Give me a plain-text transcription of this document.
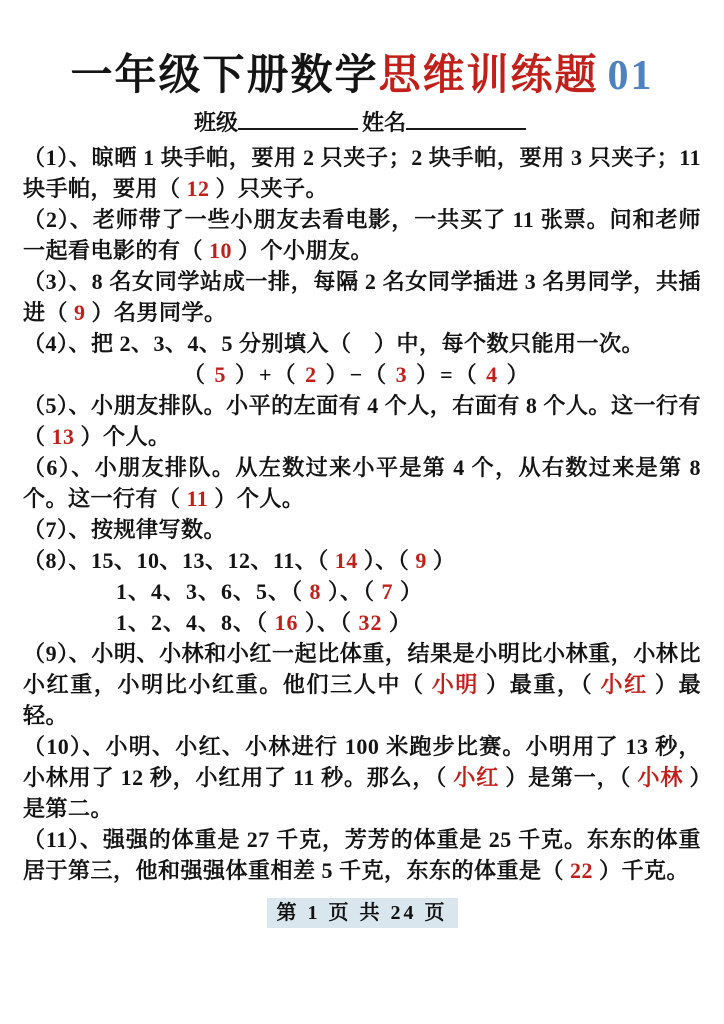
一年级下册数学思维训练题 01
班级	姓名

（1）、晾晒 1 块手帕，要用 2 只夹子；2 块手帕，要用 3 只夹子；11 块手帕，要用（ 12 ）只夹子。

（2）、老师带了一些小朋友去看电影，一共买了 11 张票。问和老师一起看电影的有（ 10 ）个小朋友。

（3）、8 名女同学站成一排，每隔 2 名女同学插进 3 名男同学，共插进（ 9 ）名男同学。

（4）、把 2、3、4、5 分别填入（　）中，每个数只能用一次。

（ 5 ）+（ 2 ）−（ 3 ）=（ 4 ）

（5）、小朋友排队。小平的左面有 4 个人，右面有 8 个人。这一行有（ 13 ）个人。

（6）、小朋友排队。从左数过来小平是第 4 个，从右数过来是第 8 个。这一行有（ 11 ）个人。

（7）、按规律写数。

（8）、15、10、13、12、11、（ 14 ）、（ 9 ）

1、4、3、6、5、（ 8 ）、（ 7 ）

1、2、4、8、（ 16 ）、（ 32 ）

（9）、小明、小林和小红一起比体重，结果是小明比小林重，小林比小红重，小明比小红重。他们三人中（ 小明 ）最重，（ 小红 ）最轻。

（10）、小明、小红、小林进行 100 米跑步比赛。小明用了 13 秒，小林用了 12 秒，小红用了 11 秒。那么，（ 小红 ）是第一，（ 小林 ）是第二。

（11）、强强的体重是 27 千克，芳芳的体重是 25 千克。东东的体重居于第三，他和强强体重相差 5 千克，东东的体重是（ 22 ）千克。

第 1 页 共 24 页
